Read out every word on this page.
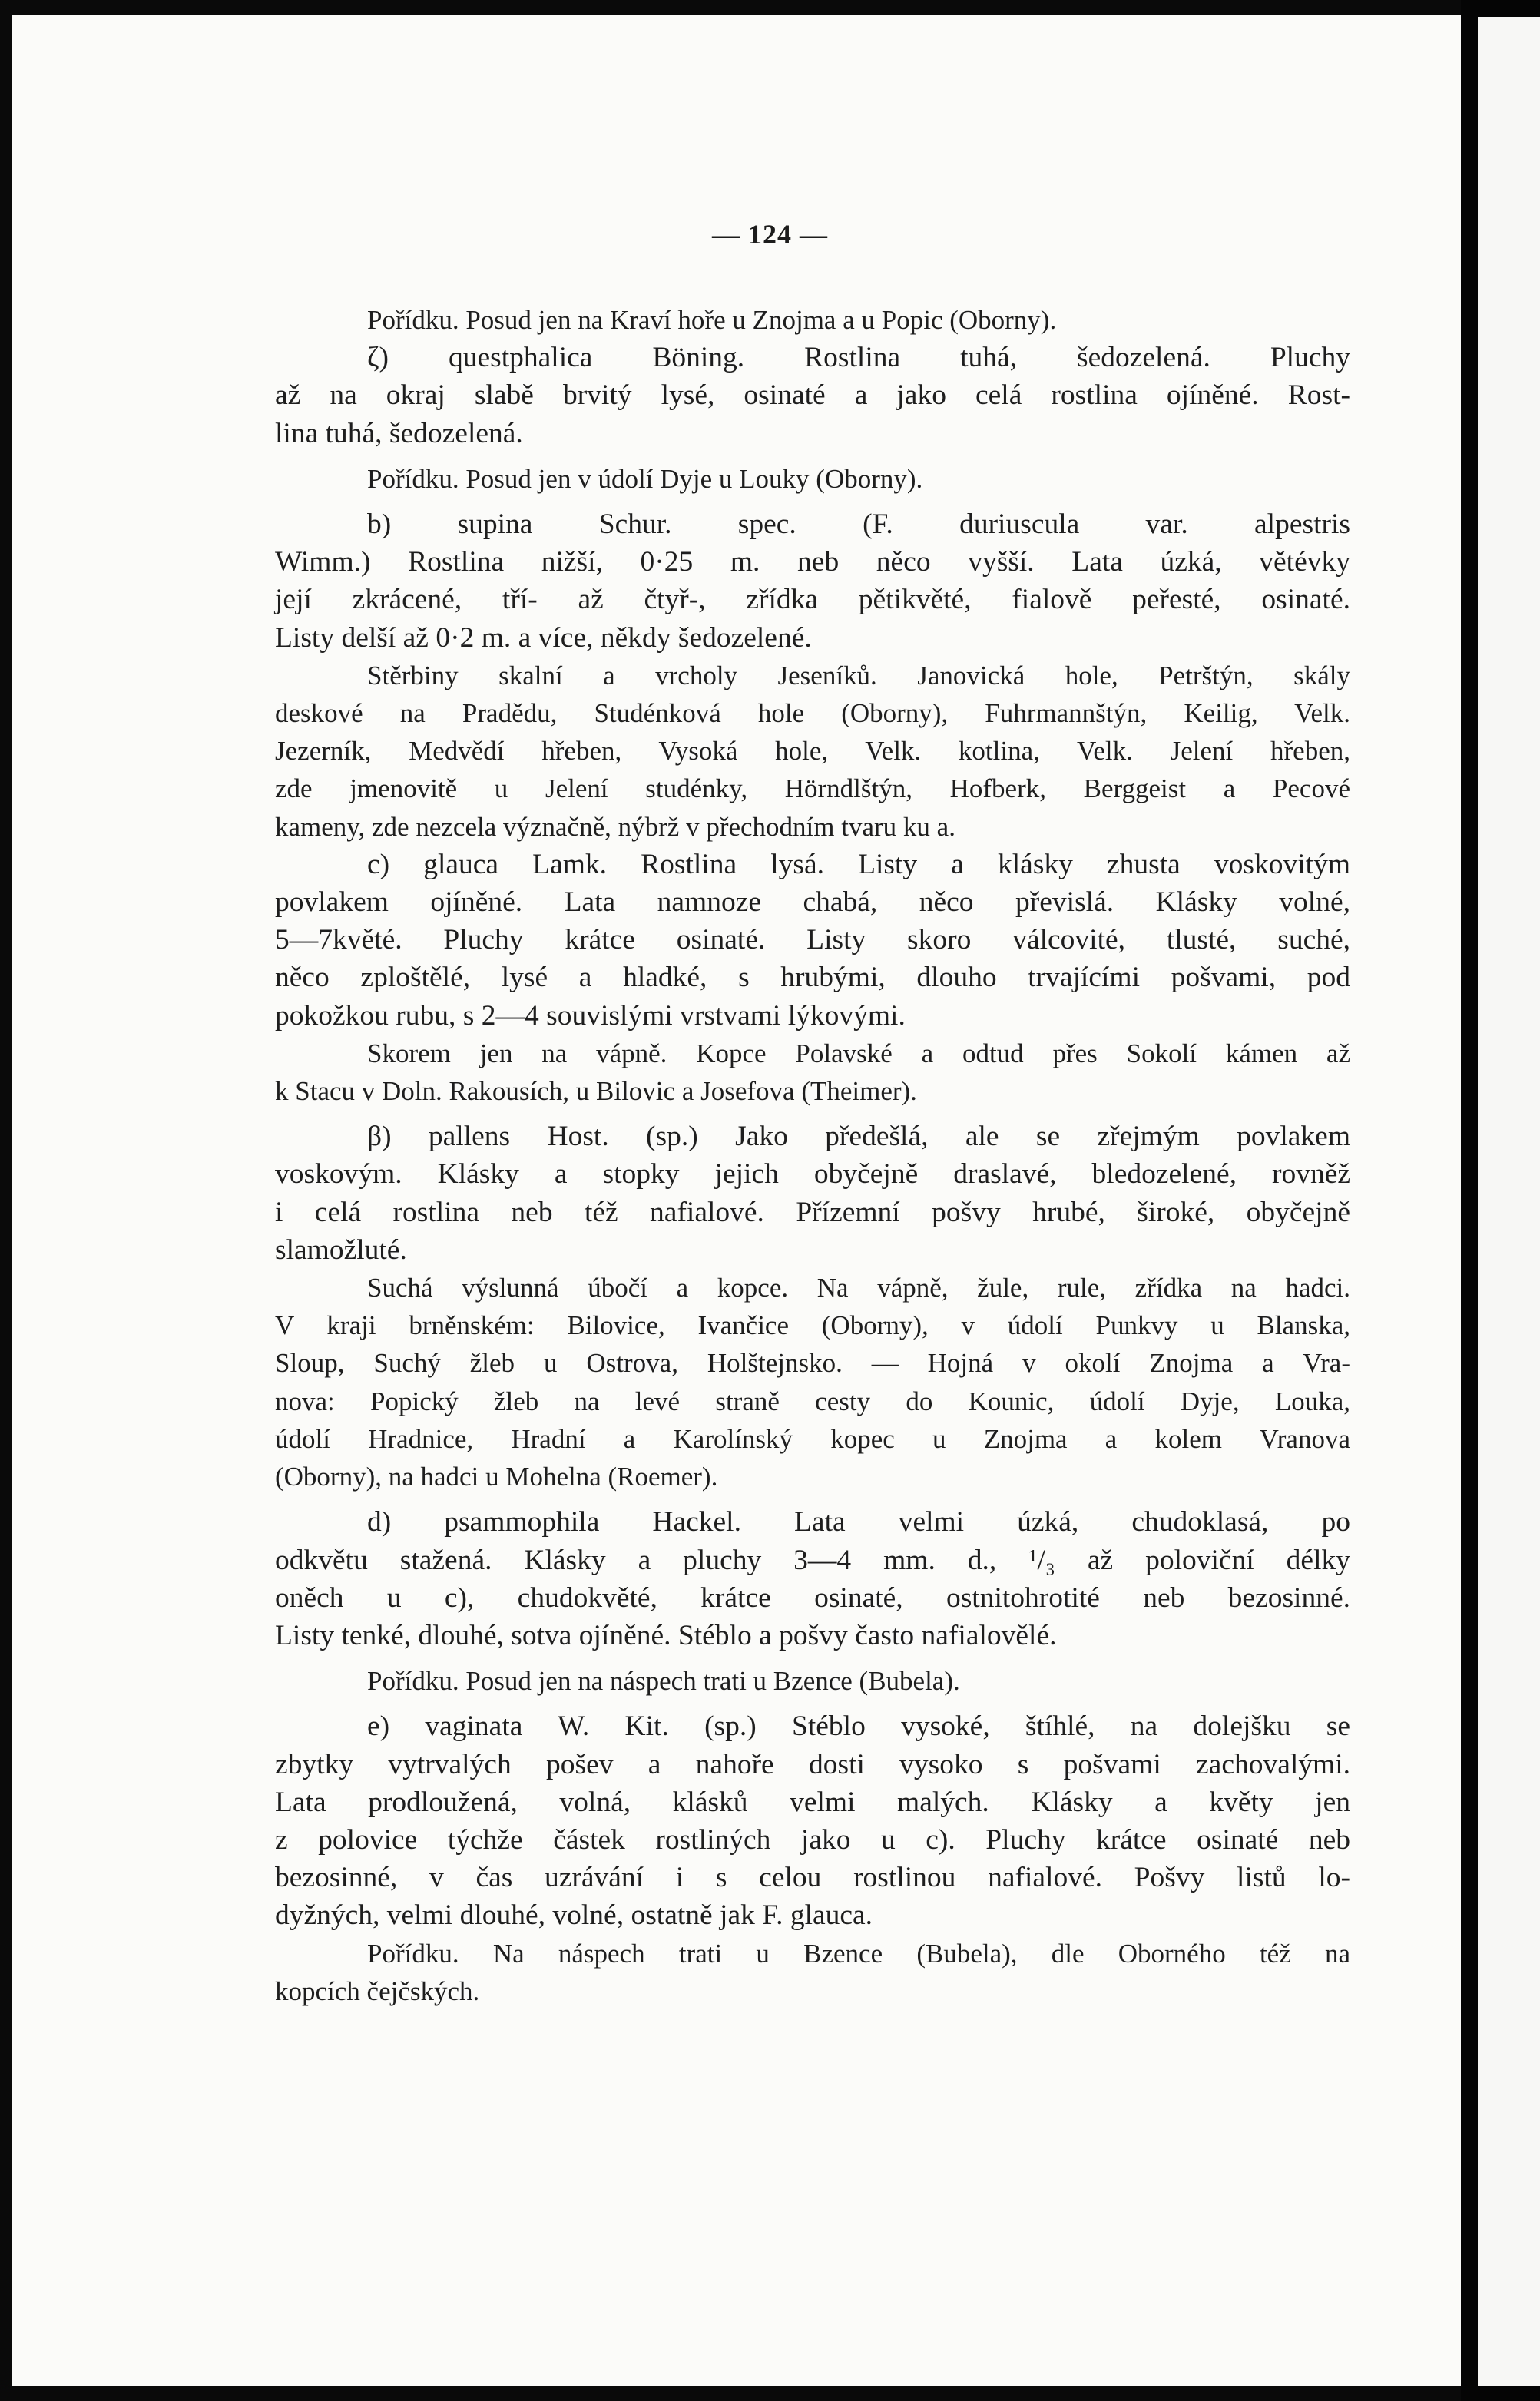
— 124 —
Pořídku. Posud jen na Kraví hoře u Znojma a u Popic (Oborny).
ζ) questphalica Böning. Rostlina tuhá, šedozelená. Pluchy
až na okraj slabě brvitý lysé, osinaté a jako celá rostlina ojíněné. Rost-
lina tuhá, šedozelená.
Pořídku. Posud jen v údolí Dyje u Louky (Oborny).
b) supina Schur. spec. (F. duriuscula var. alpestris
Wimm.) Rostlina nižší, 0·25 m. neb něco vyšší. Lata úzká, větévky
její zkrácené, tří- až čtyř-, zřídka pětikvěté, fialově peřesté, osinaté.
Listy delší až 0·2 m. a více, někdy šedozelené.
Stěrbiny skalní a vrcholy Jeseníků. Janovická hole, Petrštýn, skály
deskové na Pradědu, Studénková hole (Oborny), Fuhrmannštýn, Keilig, Velk.
Jezerník, Medvědí hřeben, Vysoká hole, Velk. kotlina, Velk. Jelení hřeben,
zde jmenovitě u Jelení studénky, Hörndlštýn, Hofberk, Berggeist a Pecové
kameny, zde nezcela význačně, nýbrž v přechodním tvaru ku a.
c) glauca Lamk. Rostlina lysá. Listy a klásky zhusta voskovitým
povlakem ojíněné. Lata namnoze chabá, něco převislá. Klásky volné,
5—7květé. Pluchy krátce osinaté. Listy skoro válcovité, tlusté, suché,
něco zploštělé, lysé a hladké, s hrubými, dlouho trvajícími pošvami, pod
pokožkou rubu, s 2—4 souvislými vrstvami lýkovými.
Skorem jen na vápně. Kopce Polavské a odtud přes Sokolí kámen až
k Stacu v Doln. Rakousích, u Bilovic a Josefova (Theimer).
β) pallens Host. (sp.) Jako předešlá, ale se zřejmým povlakem
voskovým. Klásky a stopky jejich obyčejně draslavé, bledozelené, rovněž
i celá rostlina neb též nafialové. Přízemní pošvy hrubé, široké, obyčejně
slamožluté.
Suchá výslunná úbočí a kopce. Na vápně, žule, rule, zřídka na hadci.
V kraji brněnském: Bilovice, Ivančice (Oborny), v údolí Punkvy u Blanska,
Sloup, Suchý žleb u Ostrova, Holštejnsko. — Hojná v okolí Znojma a Vra-
nova: Popický žleb na levé straně cesty do Kounic, údolí Dyje, Louka,
údolí Hradnice, Hradní a Karolínský kopec u Znojma a kolem Vranova
(Oborny), na hadci u Mohelna (Roemer).
d) psammophila Hackel. Lata velmi úzká, chudoklasá, po
odkvětu stažená. Klásky a pluchy 3—4 mm. d., ¹/₃ až poloviční délky
oněch u c), chudokvěté, krátce osinaté, ostnitohrotité neb bezosinné.
Listy tenké, dlouhé, sotva ojíněné. Stéblo a pošvy často nafialovělé.
Pořídku. Posud jen na náspech trati u Bzence (Bubela).
e) vaginata W. Kit. (sp.) Stéblo vysoké, štíhlé, na dolejšku se
zbytky vytrvalých pošev a nahoře dosti vysoko s pošvami zachovalými.
Lata prodloužená, volná, klásků velmi malých. Klásky a květy jen
z polovice týchže částek rostliných jako u c). Pluchy krátce osinaté neb
bezosinné, v čas uzrávání i s celou rostlinou nafialové. Pošvy listů lo-
dyžných, velmi dlouhé, volné, ostatně jak F. glauca.
Pořídku. Na náspech trati u Bzence (Bubela), dle Oborného též na
kopcích čejčských.
